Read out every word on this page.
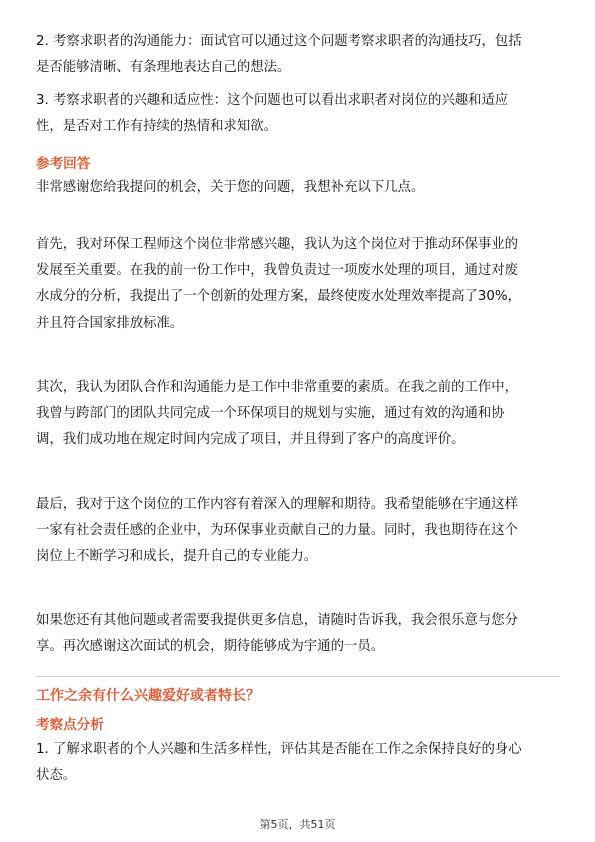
2. 考察求职者的沟通能力：面试官可以通过这个问题考察求职者的沟通技巧，包括
是否能够清晰、有条理地表达自己的想法。

3. 考察求职者的兴趣和适应性：这个问题也可以看出求职者对岗位的兴趣和适应
性，是否对工作有持续的热情和求知欲。

参考回答

非常感谢您给我提问的机会，关于您的问题，我想补充以下几点。

首先，我对环保工程师这个岗位非常感兴趣，我认为这个岗位对于推动环保事业的
发展至关重要。在我的前一份工作中，我曾负责过一项废水处理的项目，通过对废
水成分的分析，我提出了一个创新的处理方案，最终使废水处理效率提高了30%，
并且符合国家排放标准。

其次，我认为团队合作和沟通能力是工作中非常重要的素质。在我之前的工作中，
我曾与跨部门的团队共同完成一个环保项目的规划与实施，通过有效的沟通和协
调，我们成功地在规定时间内完成了项目，并且得到了客户的高度评价。

最后，我对于这个岗位的工作内容有着深入的理解和期待。我希望能够在宇通这样
一家有社会责任感的企业中，为环保事业贡献自己的力量。同时，我也期待在这个
岗位上不断学习和成长，提升自己的专业能力。

如果您还有其他问题或者需要我提供更多信息，请随时告诉我，我会很乐意与您分
享。再次感谢这次面试的机会，期待能够成为宇通的一员。

工作之余有什么兴趣爱好或者特长？
考察点分析

1. 了解求职者的个人兴趣和生活多样性，评估其是否能在工作之余保持良好的身心
状态。

第5页，共51页
